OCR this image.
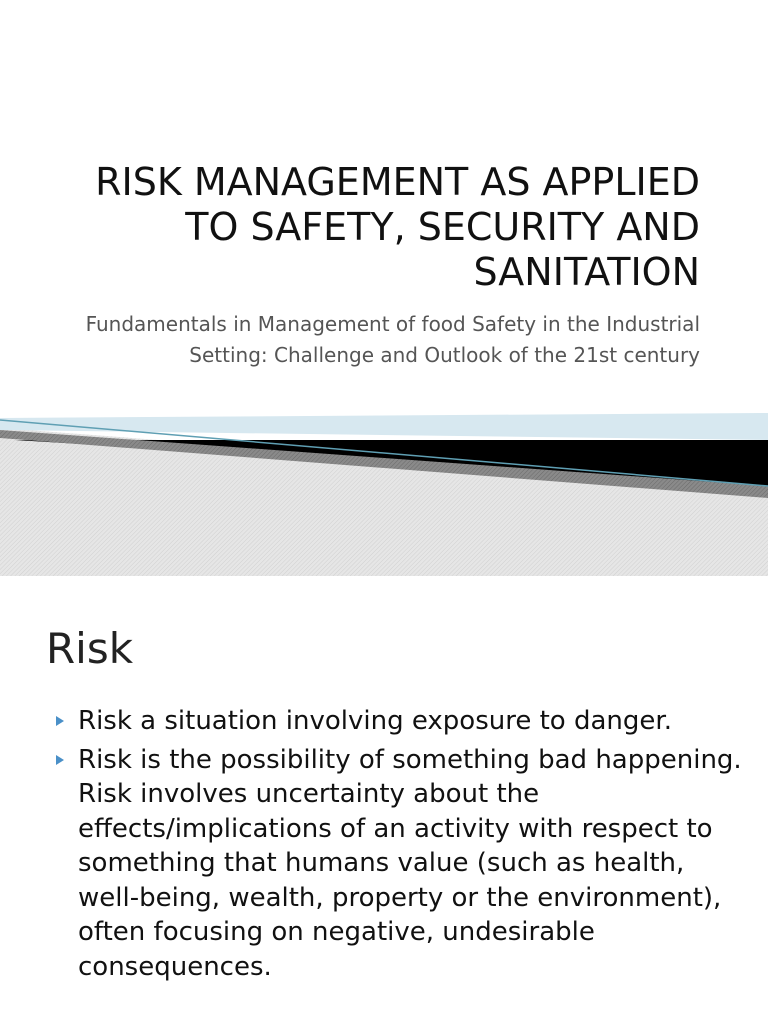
RISK MANAGEMENT AS APPLIED TO SAFETY, SECURITY AND SANITATION

Fundamentals in Management of food Safety in the Industrial Setting: Challenge and Outlook of the 21st century

Risk
Risk a situation involving exposure to danger.
Risk is the possibility of something bad happening. Risk involves uncertainty about the effects/implications of an activity with respect to something that humans value (such as health, well-being, wealth, property or the environment), often focusing on negative, undesirable consequences.
